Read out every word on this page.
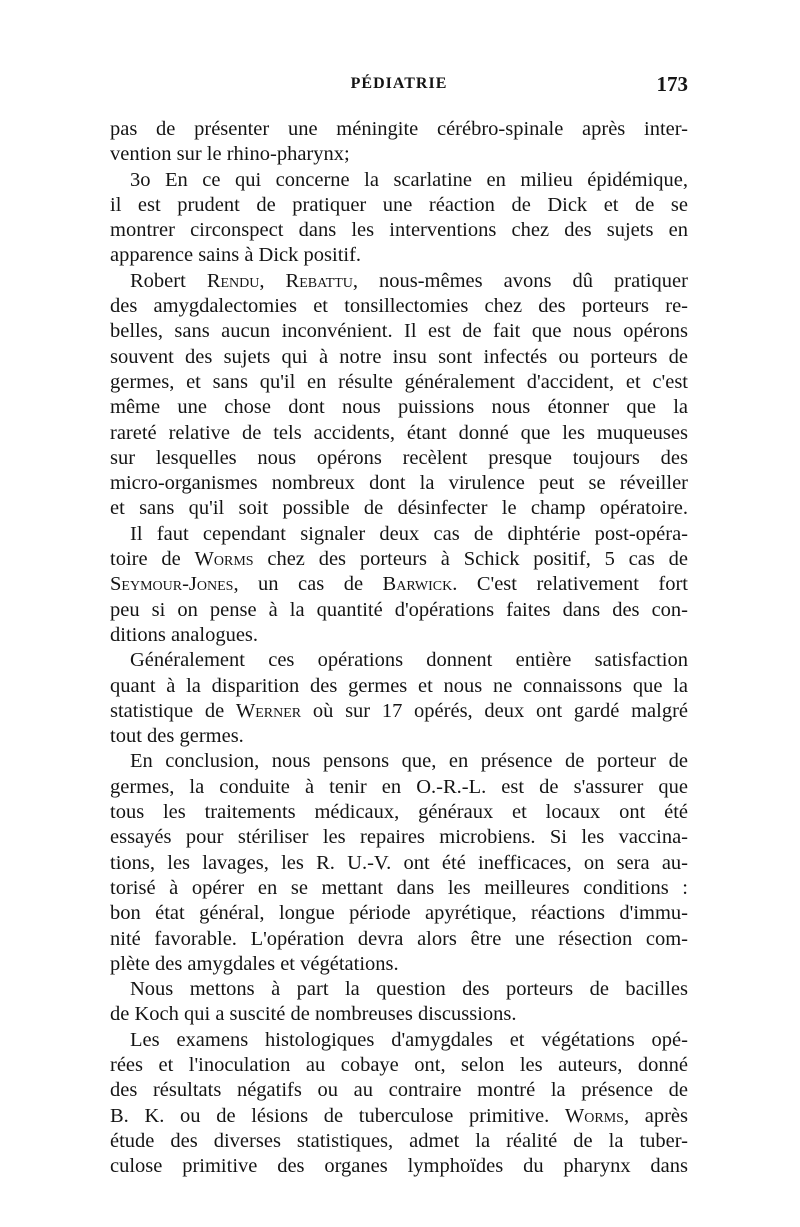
PÉDIATRIE	173
pas de présenter une méningite cérébro-spinale après inter-
vention sur le rhino-pharynx;
3o En ce qui concerne la scarlatine en milieu épidémique,
il est prudent de pratiquer une réaction de Dick et de se
montrer circonspect dans les interventions chez des sujets en
apparence sains à Dick positif.
Robert Rendu, Rebattu, nous-mêmes avons dû pratiquer
des amygdalectomies et tonsillectomies chez des porteurs re-
belles, sans aucun inconvénient. Il est de fait que nous opérons
souvent des sujets qui à notre insu sont infectés ou porteurs de
germes, et sans qu'il en résulte généralement d'accident, et c'est
même une chose dont nous puissions nous étonner que la
rareté relative de tels accidents, étant donné que les muqueuses
sur lesquelles nous opérons recèlent presque toujours des
micro-organismes nombreux dont la virulence peut se réveiller
et sans qu'il soit possible de désinfecter le champ opératoire.
Il faut cependant signaler deux cas de diphtérie post-opéra-
toire de Worms chez des porteurs à Schick positif, 5 cas de
Seymour-Jones, un cas de Barwick. C'est relativement fort
peu si on pense à la quantité d'opérations faites dans des con-
ditions analogues.
Généralement ces opérations donnent entière satisfaction
quant à la disparition des germes et nous ne connaissons que la
statistique de Werner où sur 17 opérés, deux ont gardé malgré
tout des germes.
En conclusion, nous pensons que, en présence de porteur de
germes, la conduite à tenir en O.-R.-L. est de s'assurer que
tous les traitements médicaux, généraux et locaux ont été
essayés pour stériliser les repaires microbiens. Si les vaccina-
tions, les lavages, les R. U.-V. ont été inefficaces, on sera au-
torisé à opérer en se mettant dans les meilleures conditions :
bon état général, longue période apyrétique, réactions d'immu-
nité favorable. L'opération devra alors être une résection com-
plète des amygdales et végétations.
Nous mettons à part la question des porteurs de bacilles
de Koch qui a suscité de nombreuses discussions.
Les examens histologiques d'amygdales et végétations opé-
rées et l'inoculation au cobaye ont, selon les auteurs, donné
des résultats négatifs ou au contraire montré la présence de
B. K. ou de lésions de tuberculose primitive. Worms, après
étude des diverses statistiques, admet la réalité de la tuber-
culose primitive des organes lymphoïdes du pharynx dans
